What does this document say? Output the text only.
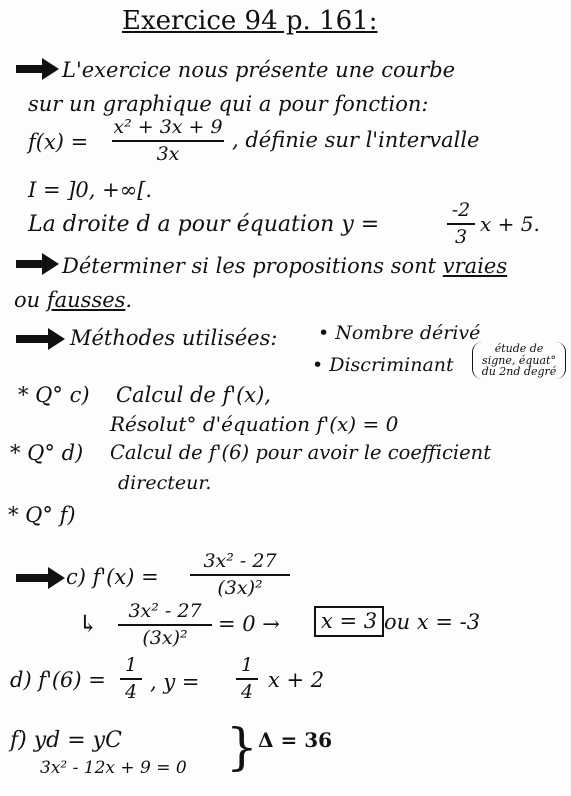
Exercice 94 p. 161:
L'exercice nous présente une courbe
sur un graphique qui a pour fonction:
f(x) =
x² + 3x + 9
3x
, définie sur l'intervalle
I = ]0, +∞[.
La droite d a pour équation y =
-2
3
x + 5.
Déterminer si les propositions sont vraies
ou fausses.
Méthodes utilisées: • Nombre dérivé
• Discriminant
étude de
signe, équat°
du 2nd degré
* Q° c) Calcul de f'(x),
Résolut° d'équation f'(x) = 0
* Q° d) Calcul de f'(6) pour avoir le coefficient
directeur.
* Q° f)
c) f'(x) =
3x² - 27
(3x)²
↳	3x² - 27
(3x)²
= 0 →	x = 3 ou x = -3
d) f'(6) =
1
4 , y =
1
4 x + 2
f) yd = yC
3x² - 12x + 9 = 0 } Δ = 36
